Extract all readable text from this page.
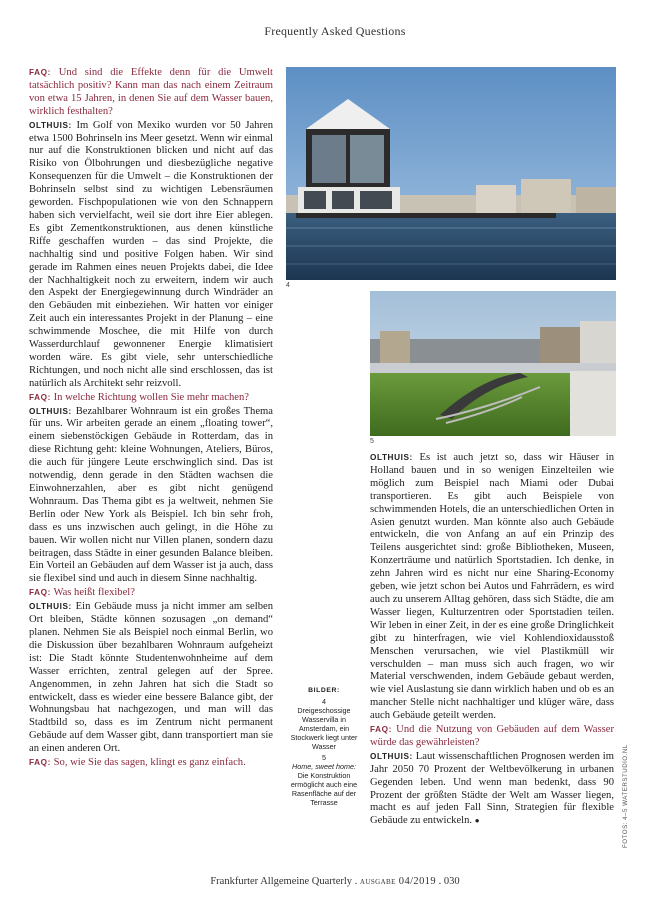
Frequently Asked Questions

FAQ: Und sind die Effekte denn für die Umwelt tatsächlich positiv? Kann man das nach einem Zeitraum von etwa 15 Jahren, in denen Sie auf dem Wasser bauen, wirklich festhalten?

OLTHUIS: Im Golf von Mexiko wurden vor 50 Jahren etwa 1500 Bohrinseln ins Meer gesetzt. Wenn wir einmal nur auf die Konstruktionen blicken und nicht auf das Risiko von Ölbohrungen und diesbezügliche negative Konsequenzen für die Umwelt – die Konstruktionen der Bohrinseln selbst sind zu wichtigen Lebensräumen geworden. Fischpopulationen wie von den Schnappern haben sich vervielfacht, weil sie dort ihre Eier ablegen. Es gibt Zementkonstruktionen, aus denen künstliche Riffe geschaffen wurden – das sind Projekte, die nachhaltig sind und positive Folgen haben. Wir sind gerade im Rahmen eines neuen Projekts dabei, die Idee der Nachhaltigkeit noch zu erweitern, indem wir auch den Aspekt der Energiegewinnung durch Windräder an den Gebäuden mit einbeziehen. Wir hatten vor einiger Zeit auch ein interessantes Projekt in der Planung – eine schwimmende Moschee, die mit Hilfe von durch Wasserdurchlauf gewonnener Energie klimatisiert worden wäre. Es gibt viele, sehr unterschiedliche Richtungen, und noch nicht alle sind erschlossen, das ist natürlich als Architekt sehr reizvoll.

FAQ: In welche Richtung wollen Sie mehr machen?

OLTHUIS: Bezahlbarer Wohnraum ist ein großes Thema für uns. Wir arbeiten gerade an einem „floating tower“, einem siebenstöckigen Gebäude in Rotterdam, das in diese Richtung geht: kleine Wohnungen, Ateliers, Büros, die auch für jüngere Leute erschwinglich sind. Das ist notwendig, denn gerade in den Städten wachsen die Einwohnerzahlen, aber es gibt nicht genügend Wohnraum. Das Thema gibt es ja weltweit, nehmen Sie Berlin oder New York als Beispiel. Ich bin sehr froh, dass es uns inzwischen auch gelingt, in die Höhe zu bauen. Wir wollen nicht nur Villen planen, sondern dazu beitragen, dass Städte in einer gesunden Balance bleiben. Ein Vorteil an Gebäuden auf dem Wasser ist ja auch, dass sie flexibel sind und auch in diesem Sinne nachhaltig.

FAQ: Was heißt flexibel?

OLTHUIS: Ein Gebäude muss ja nicht immer am selben Ort bleiben, Städte können sozusagen „on demand“ planen. Nehmen Sie als Beispiel noch einmal Berlin, wo die Diskussion über bezahlbaren Wohnraum aufgeheizt ist: Die Stadt könnte Studentenwohnheime auf dem Wasser errichten, zentral gelegen auf der Spree. Angenommen, in zehn Jahren hat sich die Stadt so entwickelt, dass es wieder eine bessere Balance gibt, der Wohnungsbau hat nachgezogen, und man will das Stadtbild so, dass es im Zentrum nicht permanent Gebäude auf dem Wasser gibt, dann transportiert man sie an einen anderen Ort.

FAQ: So, wie Sie das sagen, klingt es ganz einfach.

4
5

OLTHUIS: Es ist auch jetzt so, dass wir Häuser in Holland bauen und in so wenigen Einzelteilen wie möglich zum Beispiel nach Miami oder Dubai transportieren. Es gibt auch Beispiele von schwimmenden Hotels, die an unterschiedlichen Orten in Asien genutzt wurden. Man könnte also auch Gebäude entwickeln, die von Anfang an auf ein Prinzip des Teilens ausgerichtet sind: große Bibliotheken, Museen, Konzerträume und natürlich Sportstadien. Ich denke, in zehn Jahren wird es nicht nur eine Sharing-Economy geben, wie jetzt schon bei Autos und Fahrrädern, es wird auch zu unserem Alltag gehören, dass sich Städte, die am Wasser liegen, Kulturzentren oder Sportstadien teilen. Wir leben in einer Zeit, in der es eine große Dringlichkeit gibt zu hinterfragen, wie viel Kohlendioxidausstoß Menschen verursachen, wie viel Plastikmüll wir verschulden – man muss sich auch fragen, wo wir Material verschwenden, indem Gebäude gebaut werden, wie viel Auslastung sie dann wirklich haben und ob es an mancher Stelle nicht nachhaltiger und klüger wäre, dass auch Gebäude geteilt werden.

FAQ: Und die Nutzung von Gebäuden auf dem Wasser würde das gewährleisten?

OLTHUIS: Laut wissenschaftlichen Prognosen werden im Jahr 2050 70 Prozent der Weltbevölkerung in urbanen Gegenden leben. Und wenn man bedenkt, dass 90 Prozent der größten Städte der Welt am Wasser liegen, macht es auf jeden Fall Sinn, Strategien für flexible Gebäude zu entwickeln. ●

BILDER:
4
Dreigeschossige Wasservilla in Amsterdam, ein Stockwerk liegt unter Wasser
5
Home, sweet home:
Die Konstruktion ermöglicht auch eine Rasenfläche auf der Terrasse	FOTOS: 4–5 WATERSTUDIO.NL
Frankfurter Allgemeine Quarterly . ausgabe 04/2019 . 030
